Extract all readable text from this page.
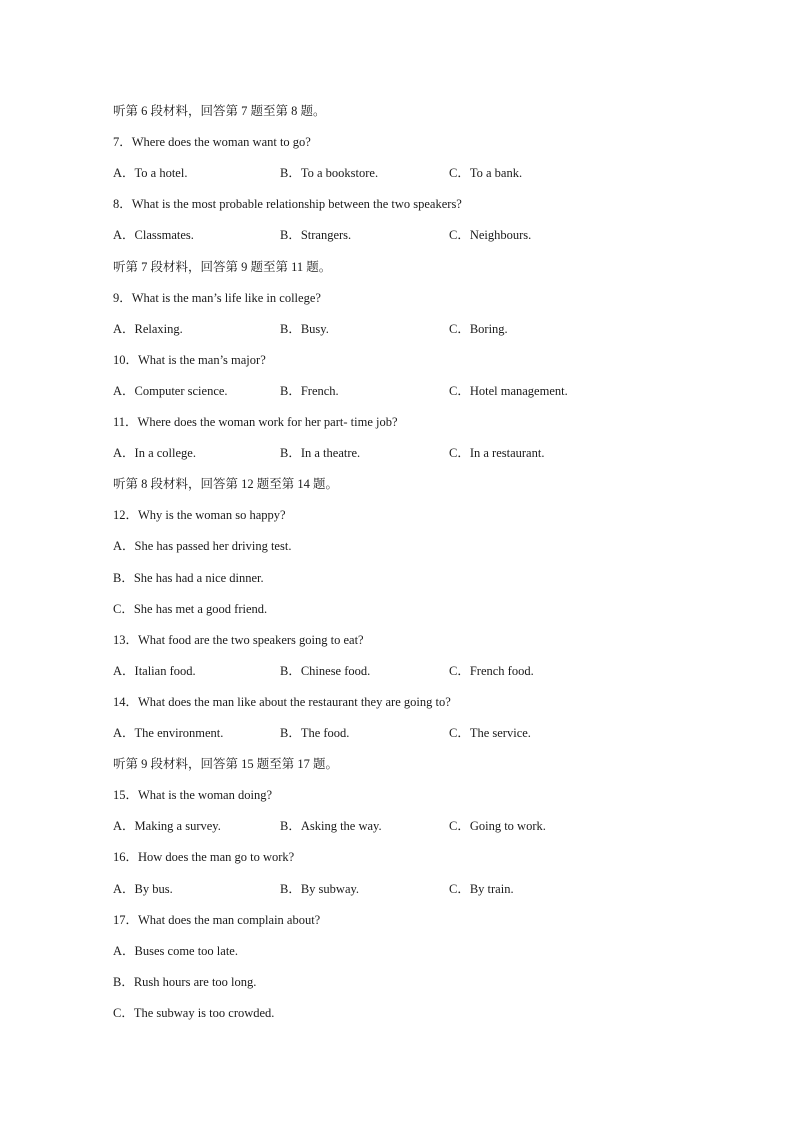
听第 6 段材料，回答第 7 题至第 8 题。
7．Where does the woman want to go?
A．To a hotel.	B．To a bookstore.	C．To a bank.
8．What is the most probable relationship between the two speakers?
A．Classmates.	B．Strangers.	C．Neighbours.
听第 7 段材料，回答第 9 题至第 11 题。
9．What is the man’s life like in college?
A．Relaxing.	B．Busy.	C．Boring.
10．What is the man’s major?
A．Computer science.	B．French.	C．Hotel management.
11．Where does the woman work for her part- time job?
A．In a college.	B．In a theatre.	C．In a restaurant.
听第 8 段材料，回答第 12 题至第 14 题。
12．Why is the woman so happy?
A．She has passed her driving test.
B．She has had a nice dinner.
C．She has met a good friend.
13．What food are the two speakers going to eat?
A．Italian food.	B．Chinese food.	C．French food.
14．What does the man like about the restaurant they are going to?
A．The environment.	B．The food.	C．The service.
听第 9 段材料，回答第 15 题至第 17 题。
15．What is the woman doing?
A．Making a survey.	B．Asking the way.	C．Going to work.
16．How does the man go to work?
A．By bus.	B．By subway.	C．By train.
17．What does the man complain about?
A．Buses come too late.
B．Rush hours are too long.
C．The subway is too crowded.
